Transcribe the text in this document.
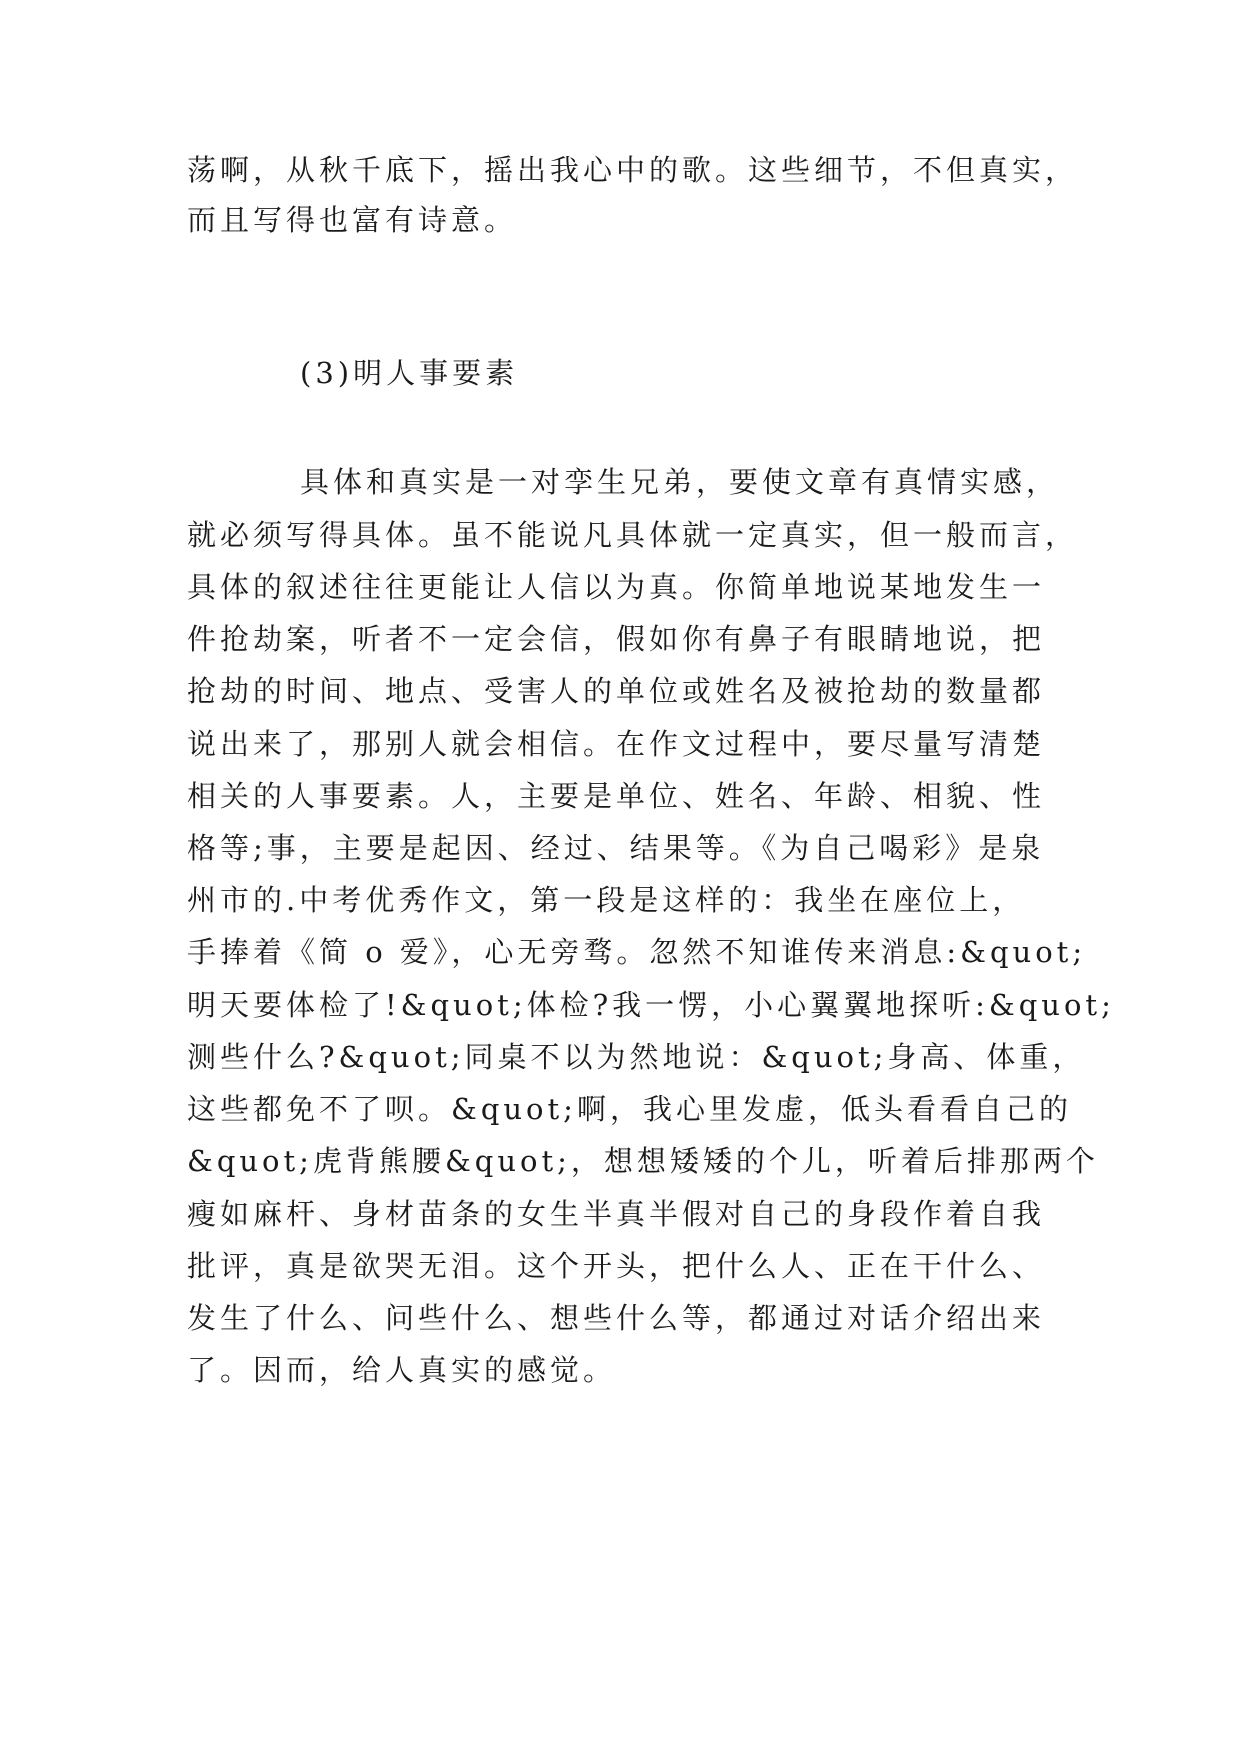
荡啊，从秋千底下，摇出我心中的歌。这些细节，不但真实，

而且写得也富有诗意。

(3)明人事要素

具体和真实是一对孪生兄弟，要使文章有真情实感，

就必须写得具体。虽不能说凡具体就一定真实，但一般而言，

具体的叙述往往更能让人信以为真。你简单地说某地发生一

件抢劫案，听者不一定会信，假如你有鼻子有眼睛地说，把

抢劫的时间、地点、受害人的单位或姓名及被抢劫的数量都

说出来了，那别人就会相信。在作文过程中，要尽量写清楚

相关的人事要素。人，主要是单位、姓名、年龄、相貌、性

格等;事，主要是起因、经过、结果等。《为自己喝彩》是泉

州市的.中考优秀作文，第一段是这样的：我坐在座位上，

手捧着《简 o 爱》，心无旁骛。忽然不知谁传来消息:&quot;

明天要体检了!&quot;体检?我一愣，小心翼翼地探听:&quot;

测些什么?&quot;同桌不以为然地说：&quot;身高、体重，

这些都免不了呗。&quot;啊，我心里发虚，低头看看自己的

&quot;虎背熊腰&quot;，想想矮矮的个儿，听着后排那两个

瘦如麻杆、身材苗条的女生半真半假对自己的身段作着自我

批评，真是欲哭无泪。这个开头，把什么人、正在干什么、

发生了什么、问些什么、想些什么等，都通过对话介绍出来

了。因而，给人真实的感觉。
